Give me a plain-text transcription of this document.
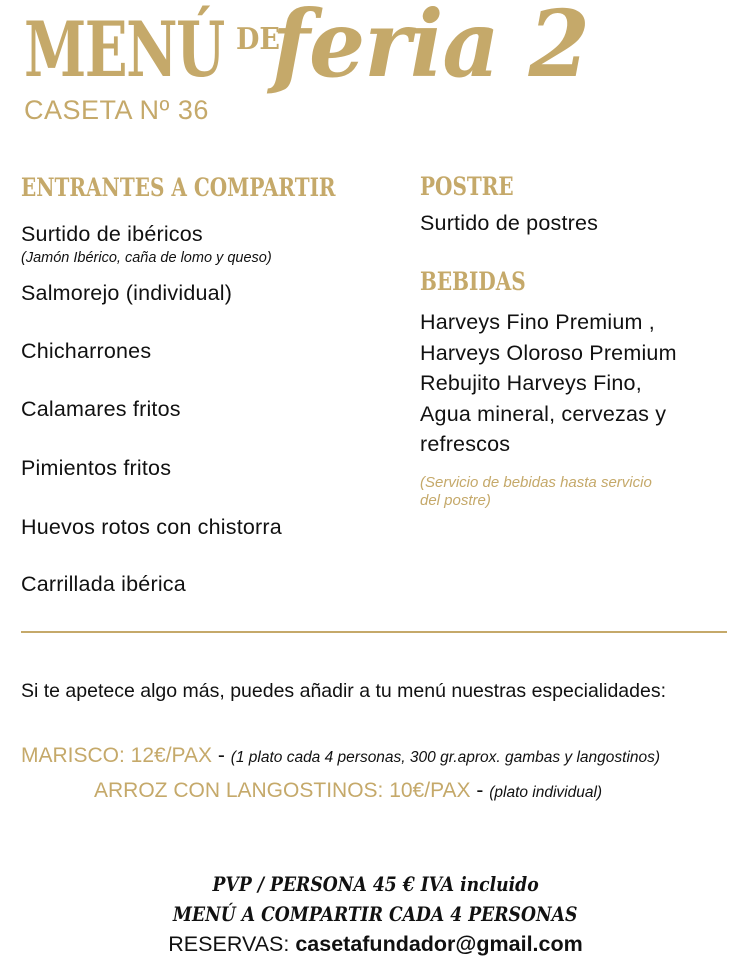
MENÚ DE
feria 2
CASETA Nº 36
ENTRANTES A COMPARTIR
Surtido de ibéricos
(Jamón Ibérico, caña de lomo y queso)
Salmorejo (individual)
Chicharrones
Calamares fritos
Pimientos fritos
Huevos rotos con chistorra
Carrillada ibérica
POSTRE
Surtido de postres
BEBIDAS
Harveys Fino Premium ,
Harveys Oloroso Premium
Rebujito Harveys Fino,
Agua mineral, cervezas y
refrescos
(Servicio de bebidas hasta servicio
del postre)
Si te apetece algo más, puedes añadir a tu menú nuestras especialidades:
MARISCO: 12€/PAX - (1 plato cada 4 personas, 300 gr.aprox. gambas y langostinos)
ARROZ CON LANGOSTINOS: 10€/PAX - (plato individual)
PVP / PERSONA 45 € IVA incluido
MENÚ A COMPARTIR CADA 4 PERSONAS
RESERVAS: casetafundador@gmail.com
